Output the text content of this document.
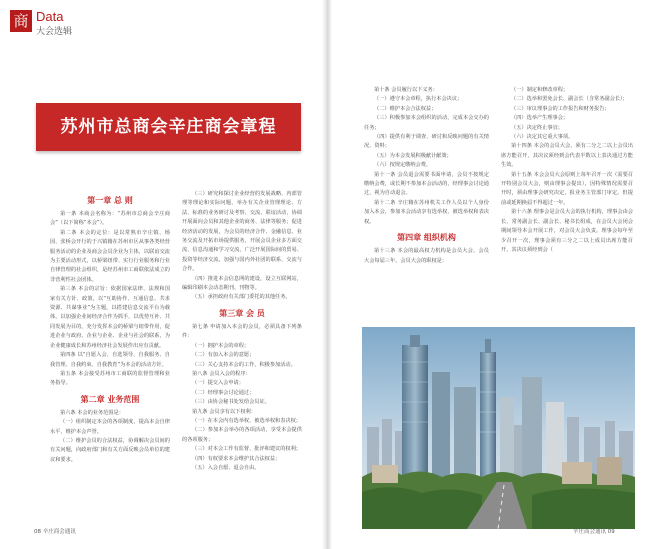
商 Data
大会选辑
苏州市总商会辛庄商会章程
第一章 总 则

第一条 本商会名称为：“苏州市总商会辛庄商会”（以下简称“本会”）。

第二条 本会的定位：是以常熟市辛庄镇、杨园、张桥会开行的于兴镇籍在苏州市区从事各类经营服务活动的企业及商会会员企业为主体，以联谊交流为主要活动形式，以桥梁纽带、实行行业服务和行业自律管理的社会组织，是经苏州市工商联依法成立的非营利性社会团体。

第三条 本会的宗旨：依据国家法律、法规和国家有关方针、政策，以“互助协作、互通信息、共求资源、共谋事业”为主题，以搭建信息交流平台为载体，以加强企业间经济合作为抓手，以优势互补、共同发展为目的，充分发挥本会的桥梁与纽带作用，促进企业与政府、企业与企业、企业与社会的联系，为企业健康成长和苏州经济社会发展作出应有贡献。

第四条 以“自愿入会、自选领导、自我服务、自我管理、自我约束、自我教育”为本会的活动方针。

第五条 本会接受苏州市工商联的监督管理和业务指导。

第二章 业务范围

第六条 本会的业务范围是：

（一）组织制定本会的各项制度，提高本会自律水平，维护本会声誉。

（二）维护会员的合法权益，协调解决会员间的有关问题，向政府部门和有关方面反映会员单位的建议和要求。

（三）研究和探讨企业经营的发展战略、内部管理等理论和实际问题，举办有关企业管理理论、方法、标准的业务研讨及考察、交流、联谊活动，协调开展面向会员和其他企业的商务、法律等服务；促进经济活动的发展，为会员的经济合作、金融信息、业务交流及开拓市场提供服务，开展会员企业多方面交流、信息沟通和学习交流，广泛开展国际间的贸易、投资等经济交流，加强与国内外社团的联系、交流与合作。

（四）推进本会信息网的建设，设立互联网站，编辑印刷本会动态期刊、刊物等。

（五）承担政府有关部门委托的其他任务。

第三章 会 员

第七条 申请加入本会的会员，必须具备下列条件：

（一）拥护本会的章程；

（二）有加入本会的意愿；

（三）关心支持本会的工作，积极参加活动。

第八条 会员入会的程序：

（一）提交入会申请；

（二）经理事会讨论通过；

（三）由协会秘书处发给会员证。

第九条 会员享有以下权利：

（一）在本会内有选举权、被选举权和表决权；

（二）参加本会举办的各项活动，享受本会提供的各项服务；

（三）对本会工作有监督、批评和建议的权利；

（四）有权要求本会维护其合法权益；

（五）入会自愿、退会自由。

第十条 会员履行以下义务：

（一）遵守本会章程，执行本会决议；

（二）维护本会合法权益；

（三）积极参加本会组织的活动，完成本会交办的任务；

（四）提供有利于调查、研讨和反映问题的有关情况、资料；

（五）为本会发展积极献计献策；

（六）按规定缴纳会费。

第十一条 会员退会需要书面申请，会员不按规定缴纳会费，或长期不参加本会活动的，经理事会讨论通过，视为自动退会。

第十二条 辛庄籍在苏州机关工作人员以个人身份加入本会，参加本会活动享有选举权、被选举权和表决权。

第四章 组织机构

第十三条 本会的最高权力机构是会员大会。会员大会每届三年。会员大会的职权是：

（一）制定和修改章程；

（二）选举和罢免会长、副会长（含常务副会长）；

（三）审议理事会的工作报告和财务报告；

（四）选举产生理事会；

（五）决定终止事宜；

（六）决定其它重大事项。

第十四条 本会的会员大会，须有二分之二以上会员出席方能召开，其决议须经到会代表半数以上表决通过方能生效。

第十五条 本会会员大会原则上每年召开一次（需要召开特别会员大会，则由理事会提出），因特殊情况需要召开时，须由理事会研究决定，报业务主管部门审定。但提前或延期换届不得超过一年。

第十六条 理事会是会员大会的执行机构，理事会由会长、常务副会长、副会长、秘书长组成，在会员大会闭会期间领导本会开展工作，对会员大会负责。理事会每年至少召开一次，理事会须有三分之二以上成员出席方能召开，其决议须经到会（

08 辛庄商会通讯	辛庄商会通讯 09
